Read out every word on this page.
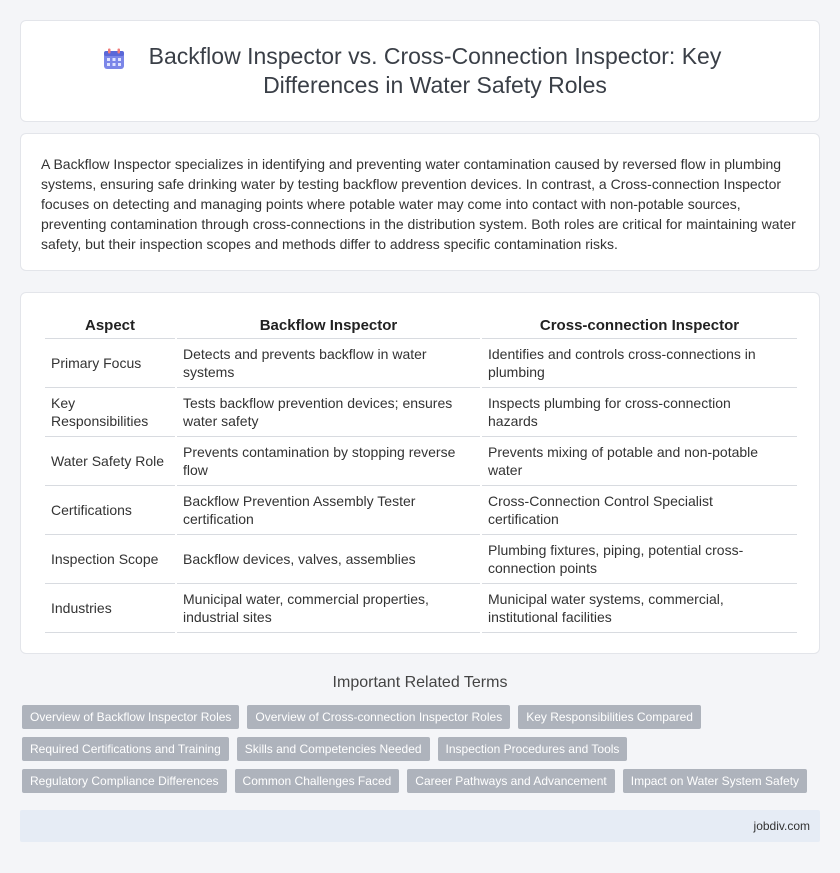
Backflow Inspector vs. Cross-Connection Inspector: Key Differences in Water Safety Roles

A Backflow Inspector specializes in identifying and preventing water contamination caused by reversed flow in plumbing systems, ensuring safe drinking water by testing backflow prevention devices. In contrast, a Cross-connection Inspector focuses on detecting and managing points where potable water may come into contact with non-potable sources, preventing contamination through cross-connections in the distribution system. Both roles are critical for maintaining water safety, but their inspection scopes and methods differ to address specific contamination risks.

Aspect	Backflow Inspector	Cross-connection Inspector
Primary Focus	Detects and prevents backflow in water systems	Identifies and controls cross-connections in plumbing
Key Responsibilities	Tests backflow prevention devices; ensures water safety	Inspects plumbing for cross-connection hazards
Water Safety Role	Prevents contamination by stopping reverse flow	Prevents mixing of potable and non-potable water
Certifications	Backflow Prevention Assembly Tester certification	Cross-Connection Control Specialist certification
Inspection Scope	Backflow devices, valves, assemblies	Plumbing fixtures, piping, potential cross-connection points
Industries	Municipal water, commercial properties, industrial sites	Municipal water systems, commercial, institutional facilities
Important Related Terms
Overview of Backflow Inspector Roles	Overview of Cross-connection Inspector Roles	Key Responsibilities Compared
Required Certifications and Training	Skills and Competencies Needed	Inspection Procedures and Tools
Regulatory Compliance Differences	Common Challenges Faced	Career Pathways and Advancement	Impact on Water System Safety
jobdiv.com
